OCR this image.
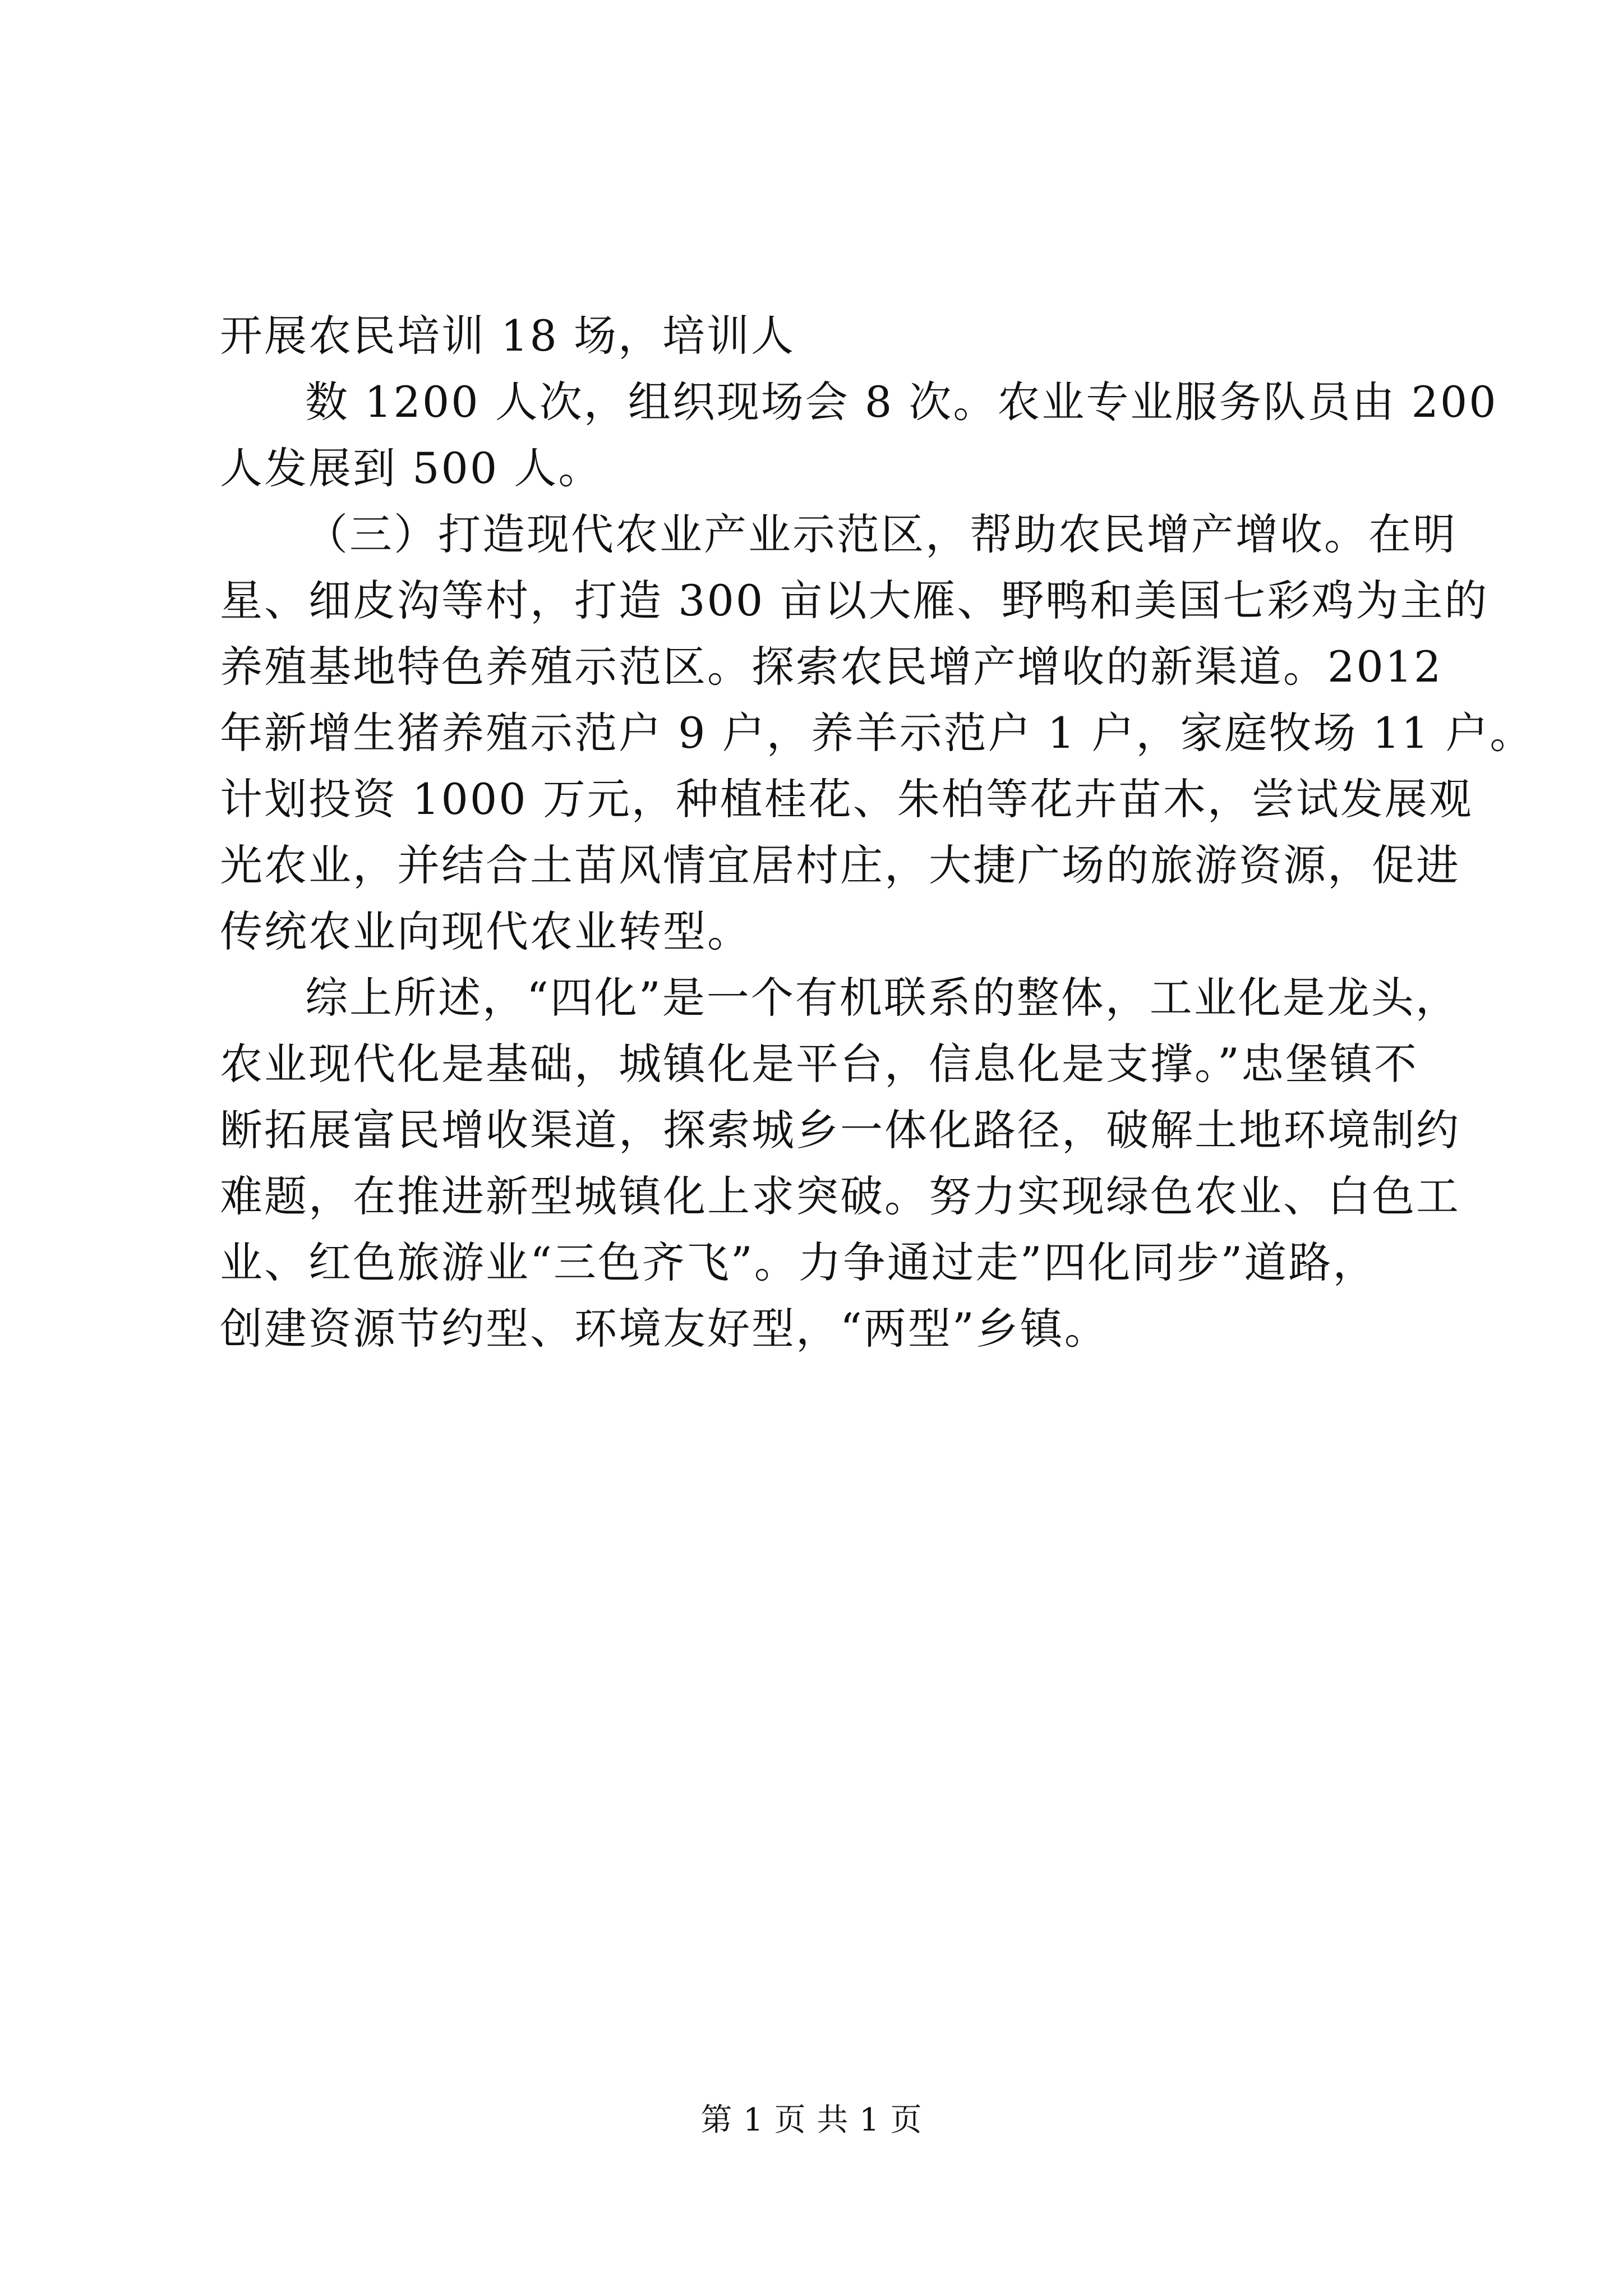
开展农民培训 18 场，培训人
数 1200 人次，组织现场会 8 次。农业专业服务队员由 200
人发展到 500 人。
（三）打造现代农业产业示范区，帮助农民增产增收。在明
星、细皮沟等村，打造 300 亩以大雁、野鸭和美国七彩鸡为主的
养殖基地特色养殖示范区。探索农民增产增收的新渠道。2012
年新增生猪养殖示范户 9 户，养羊示范户 1 户，家庭牧场 11 户。
计划投资 1000 万元，种植桂花、朱柏等花卉苗木，尝试发展观
光农业，并结合土苗风情宜居村庄，大捷广场的旅游资源，促进
传统农业向现代农业转型。
综上所述，“四化”是一个有机联系的整体，工业化是龙头，
农业现代化是基础，城镇化是平台，信息化是支撑。”忠堡镇不
断拓展富民增收渠道，探索城乡一体化路径，破解土地环境制约
难题，在推进新型城镇化上求突破。努力实现绿色农业、白色工
业、红色旅游业“三色齐飞”。力争通过走”四化同步”道路，
创建资源节约型、环境友好型，“两型”乡镇。
第 1 页 共 1 页
